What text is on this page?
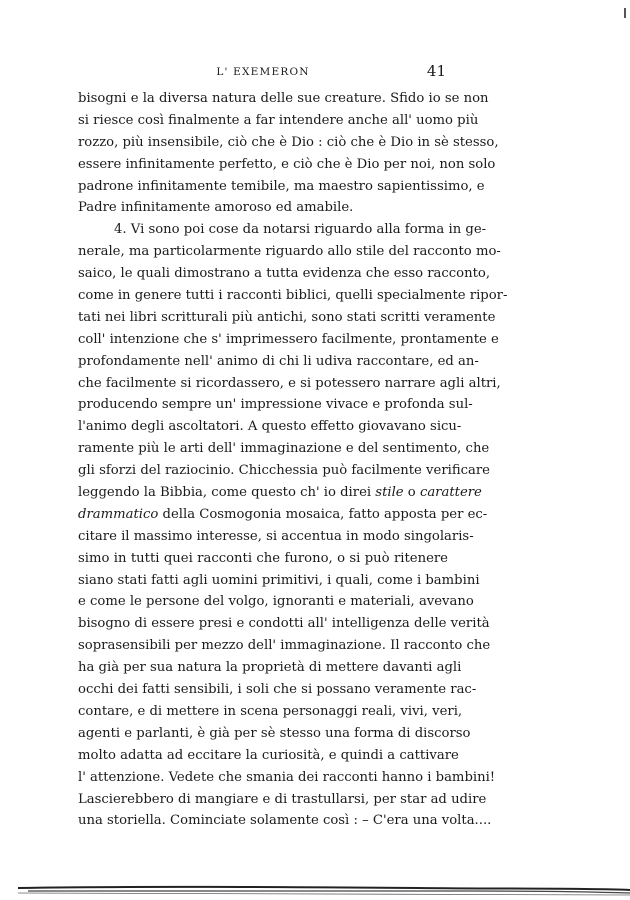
L' EXEMERON	41
bisogni e la diversa natura delle sue creature. Sfido io se non
si riesce così finalmente a far intendere anche all' uomo più
rozzo, più insensibile, ciò che è Dio : ciò che è Dio in sè stesso,
essere infinitamente perfetto, e ciò che è Dio per noi, non solo
padrone infinitamente temibile, ma maestro sapientissimo, e
Padre infinitamente amoroso ed amabile.
4. Vi sono poi cose da notarsi riguardo alla forma in ge-
nerale, ma particolarmente riguardo allo stile del racconto mo-
saico, le quali dimostrano a tutta evidenza che esso racconto,
come in genere tutti i racconti biblici, quelli specialmente ripor-
tati nei libri scritturali più antichi, sono stati scritti veramente
coll' intenzione che s' imprimessero facilmente, prontamente e
profondamente nell' animo di chi li udiva raccontare, ed an-
che facilmente si ricordassero, e si potessero narrare agli altri,
producendo sempre un' impressione vivace e profonda sul-
l'animo degli ascoltatori. A questo effetto giovavano sicu-
ramente più le arti dell' immaginazione e del sentimento, che
gli sforzi del raziocinio. Chicchessia può facilmente verificare
leggendo la Bibbia, come questo ch' io direi stile o carattere
drammatico della Cosmogonia mosaica, fatto apposta per ec-
citare il massimo interesse, si accentua in modo singolaris-
simo in tutti quei racconti che furono, o si può ritenere
siano stati fatti agli uomini primitivi, i quali, come i bambini
e come le persone del volgo, ignoranti e materiali, avevano
bisogno di essere presi e condotti all' intelligenza delle verità
soprasensibili per mezzo dell' immaginazione. Il racconto che
ha già per sua natura la proprietà di mettere davanti agli
occhi dei fatti sensibili, i soli che si possano veramente rac-
contare, e di mettere in scena personaggi reali, vivi, veri,
agenti e parlanti, è già per sè stesso una forma di discorso
molto adatta ad eccitare la curiosità, e quindi a cattivare
l' attenzione. Vedete che smania dei racconti hanno i bambini!
Lascierebbero di mangiare e di trastullarsi, per star ad udire
una storiella. Cominciate solamente così : – C'era una volta....
